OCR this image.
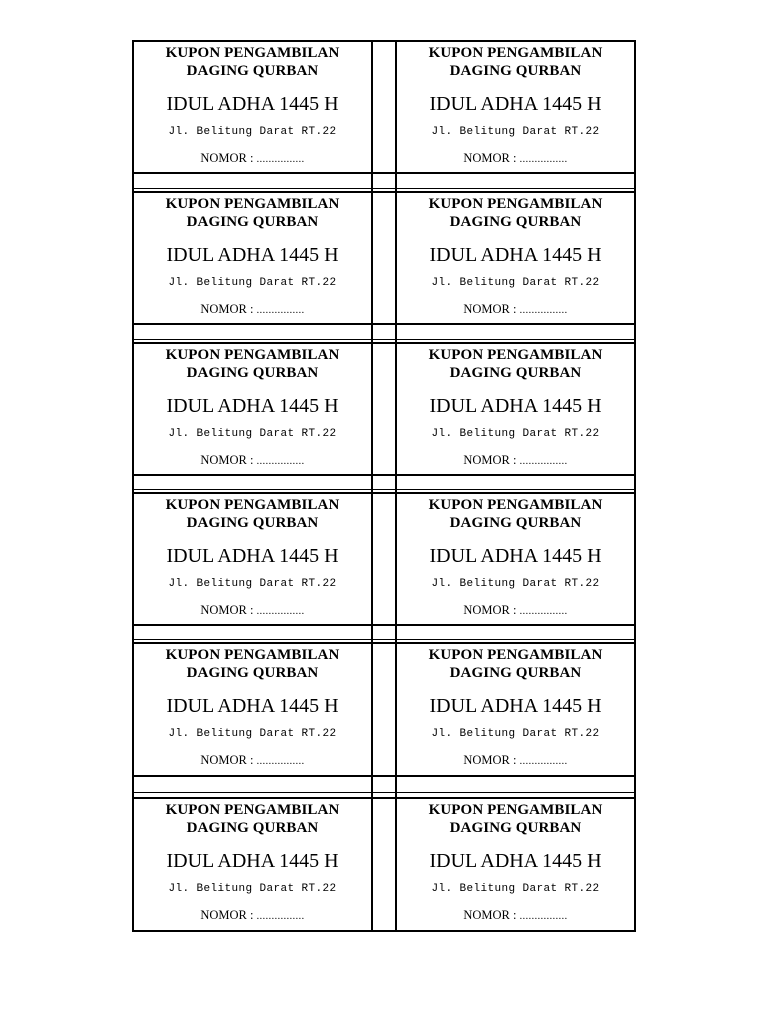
KUPON PENGAMBILAN
DAGING QURBAN
IDUL ADHA 1445 H
Jl. Belitung Darat RT.22
NOMOR : ................
KUPON PENGAMBILAN
DAGING QURBAN
IDUL ADHA 1445 H
Jl. Belitung Darat RT.22
NOMOR : ................
KUPON PENGAMBILAN
DAGING QURBAN
IDUL ADHA 1445 H
Jl. Belitung Darat RT.22
NOMOR : ................
KUPON PENGAMBILAN
DAGING QURBAN
IDUL ADHA 1445 H
Jl. Belitung Darat RT.22
NOMOR : ................
KUPON PENGAMBILAN
DAGING QURBAN
IDUL ADHA 1445 H
Jl. Belitung Darat RT.22
NOMOR : ................
KUPON PENGAMBILAN
DAGING QURBAN
IDUL ADHA 1445 H
Jl. Belitung Darat RT.22
NOMOR : ................
KUPON PENGAMBILAN
DAGING QURBAN
IDUL ADHA 1445 H
Jl. Belitung Darat RT.22
NOMOR : ................
KUPON PENGAMBILAN
DAGING QURBAN
IDUL ADHA 1445 H
Jl. Belitung Darat RT.22
NOMOR : ................
KUPON PENGAMBILAN
DAGING QURBAN
IDUL ADHA 1445 H
Jl. Belitung Darat RT.22
NOMOR : ................
KUPON PENGAMBILAN
DAGING QURBAN
IDUL ADHA 1445 H
Jl. Belitung Darat RT.22
NOMOR : ................
KUPON PENGAMBILAN
DAGING QURBAN
IDUL ADHA 1445 H
Jl. Belitung Darat RT.22
NOMOR : ................
KUPON PENGAMBILAN
DAGING QURBAN
IDUL ADHA 1445 H
Jl. Belitung Darat RT.22
NOMOR : ................
